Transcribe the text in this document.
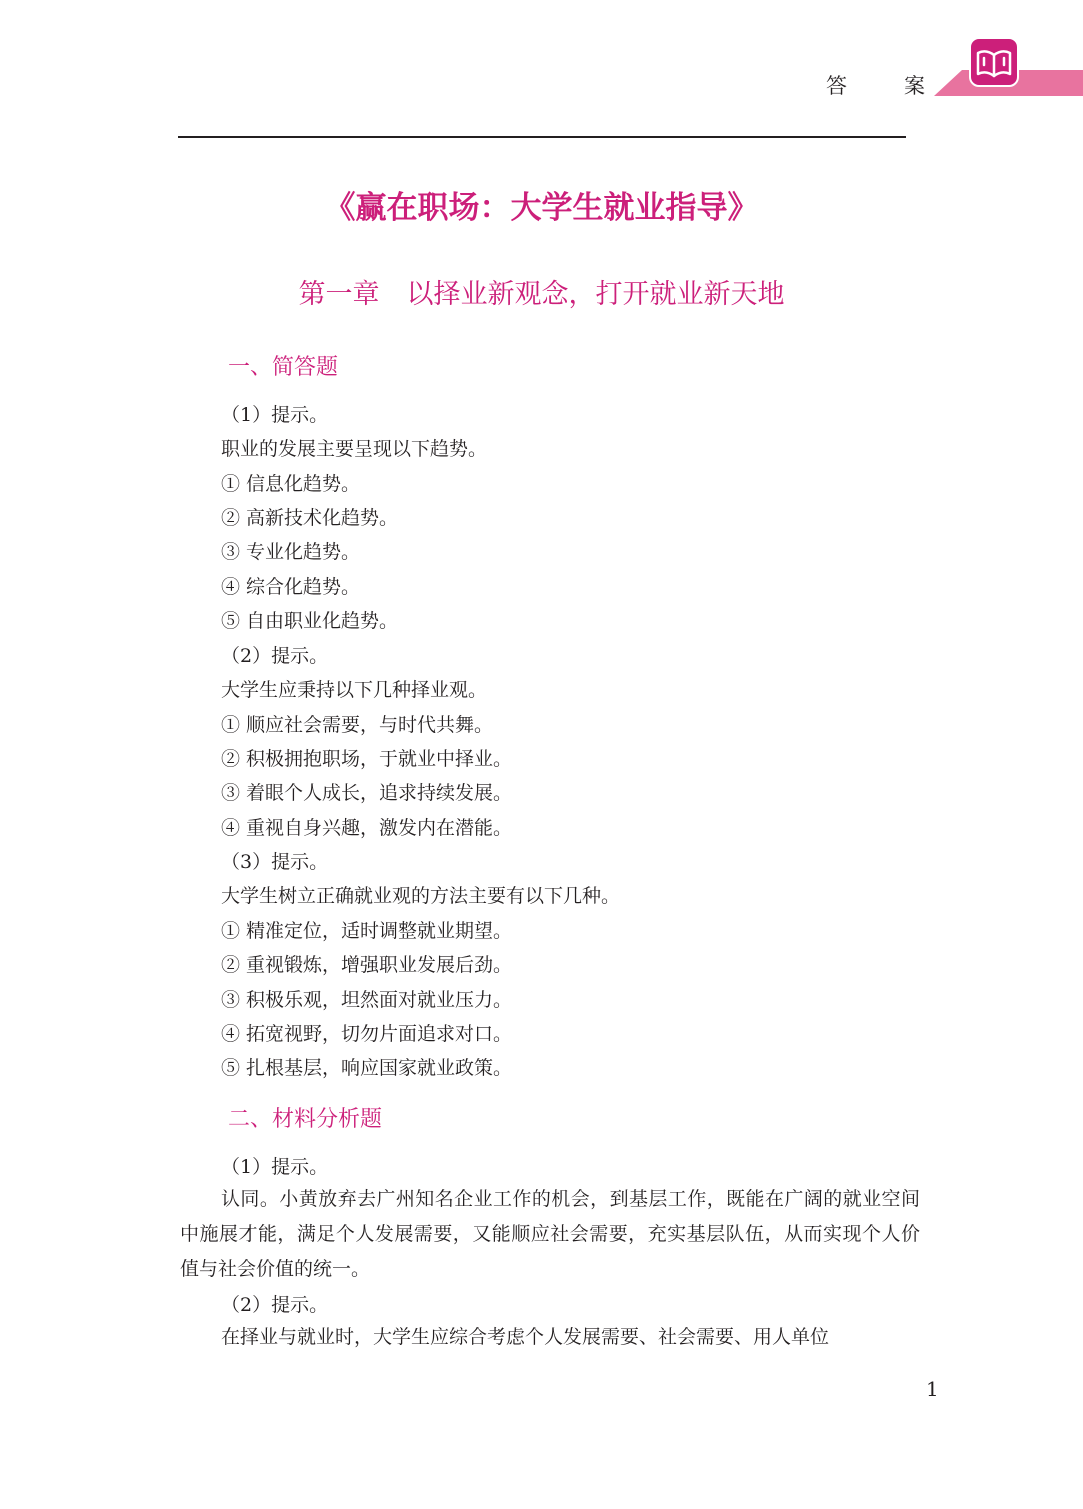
答　案
《赢在职场：大学生就业指导》
第一章　以择业新观念，打开就业新天地
一、简答题
（1）提示。
职业的发展主要呈现以下趋势。
① 信息化趋势。
② 高新技术化趋势。
③ 专业化趋势。
④ 综合化趋势。
⑤ 自由职业化趋势。
（2）提示。
大学生应秉持以下几种择业观。
① 顺应社会需要，与时代共舞。
② 积极拥抱职场，于就业中择业。
③ 着眼个人成长，追求持续发展。
④ 重视自身兴趣，激发内在潜能。
（3）提示。
大学生树立正确就业观的方法主要有以下几种。
① 精准定位，适时调整就业期望。
② 重视锻炼，增强职业发展后劲。
③ 积极乐观，坦然面对就业压力。
④ 拓宽视野，切勿片面追求对口。
⑤ 扎根基层，响应国家就业政策。
二、材料分析题
（1）提示。
认同。小黄放弃去广州知名企业工作的机会，到基层工作，既能在广阔的就业空间中施展才能，满足个人发展需要，又能顺应社会需要，充实基层队伍，从而实现个人价值与社会价值的统一。
（2）提示。
在择业与就业时，大学生应综合考虑个人发展需要、社会需要、用人单位
1
